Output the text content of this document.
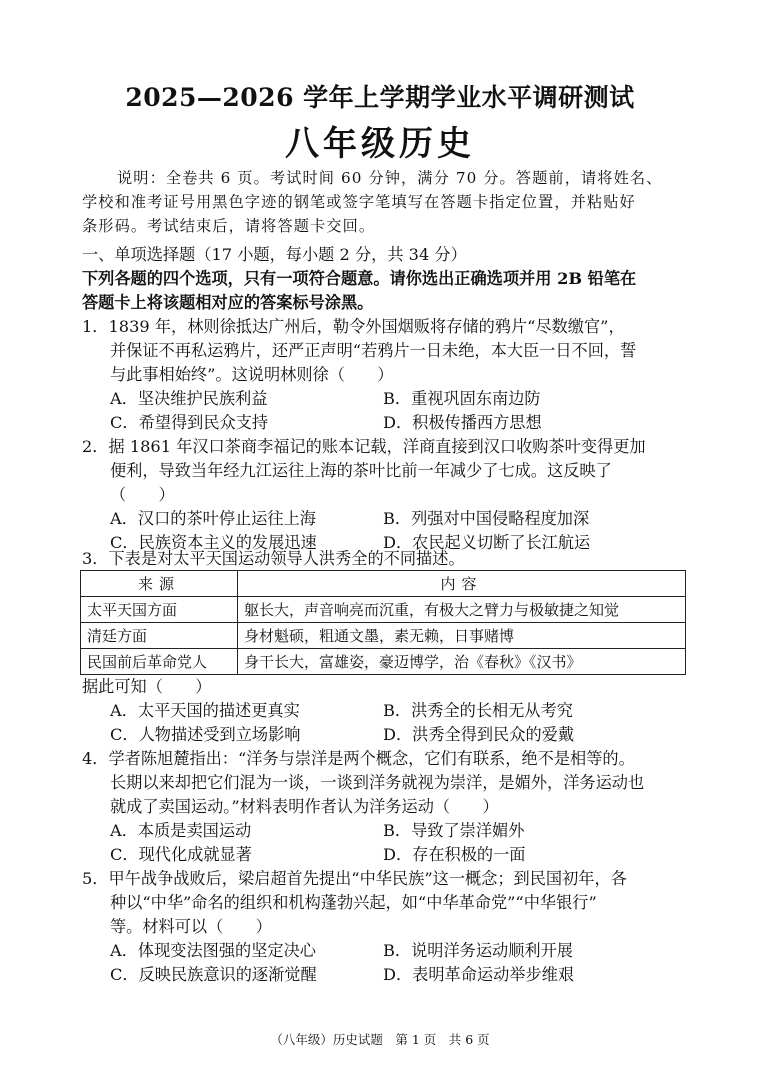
2025—2026 学年上学期学业水平调研测试
八年级历史
说明：全卷共 6 页。考试时间 60 分钟，满分 70 分。答题前，请将姓名、
学校和准考证号用黑色字迹的钢笔或签字笔填写在答题卡指定位置，并粘贴好
条形码。考试结束后，请将答题卡交回。
一、单项选择题（17 小题，每小题 2 分，共 34 分）
下列各题的四个选项，只有一项符合题意。请你选出正确选项并用 2B 铅笔在
答题卡上将该题相对应的答案标号涂黑。
1．1839 年，林则徐抵达广州后，勒令外国烟贩将存储的鸦片“尽数缴官”，
并保证不再私运鸦片，还严正声明“若鸦片一日未绝，本大臣一日不回，誓
与此事相始终”。这说明林则徐（　　）
A．坚决维护民族利益	B．重视巩固东南边防
C．希望得到民众支持	D．积极传播西方思想
2．据 1861 年汉口茶商李福记的账本记载，洋商直接到汉口收购茶叶变得更加
便利，导致当年经九江运往上海的茶叶比前一年减少了七成。这反映了
（　　）
A．汉口的茶叶停止运往上海	B．列强对中国侵略程度加深
C．民族资本主义的发展迅速	D．农民起义切断了长江航运
3．下表是对太平天国运动领导人洪秀全的不同描述。
来源	内容
太平天国方面	躯长大，声音响亮而沉重，有极大之臂力与极敏捷之知觉
清廷方面	身材魁硕，粗通文墨，素无赖，日事赌博
民国前后革命党人	身干长大，富雄姿，豪迈博学，治《春秋》《汉书》
据此可知（　　）
A．太平天国的描述更真实	B．洪秀全的长相无从考究
C．人物描述受到立场影响	D．洪秀全得到民众的爱戴
4．学者陈旭麓指出：“洋务与崇洋是两个概念，它们有联系，绝不是相等的。
长期以来却把它们混为一谈，一谈到洋务就视为崇洋，是媚外，洋务运动也
就成了卖国运动。”材料表明作者认为洋务运动（　　）
A．本质是卖国运动	B．导致了崇洋媚外
C．现代化成就显著	D．存在积极的一面
5．甲午战争战败后，梁启超首先提出“中华民族”这一概念；到民国初年，各
种以“中华”命名的组织和机构蓬勃兴起，如“中华革命党”“中华银行”
等。材料可以（　　）
A．体现变法图强的坚定决心	B．说明洋务运动顺利开展
C．反映民族意识的逐渐觉醒	D．表明革命运动举步维艰
（八年级）历史试题　第 1 页　共 6 页
